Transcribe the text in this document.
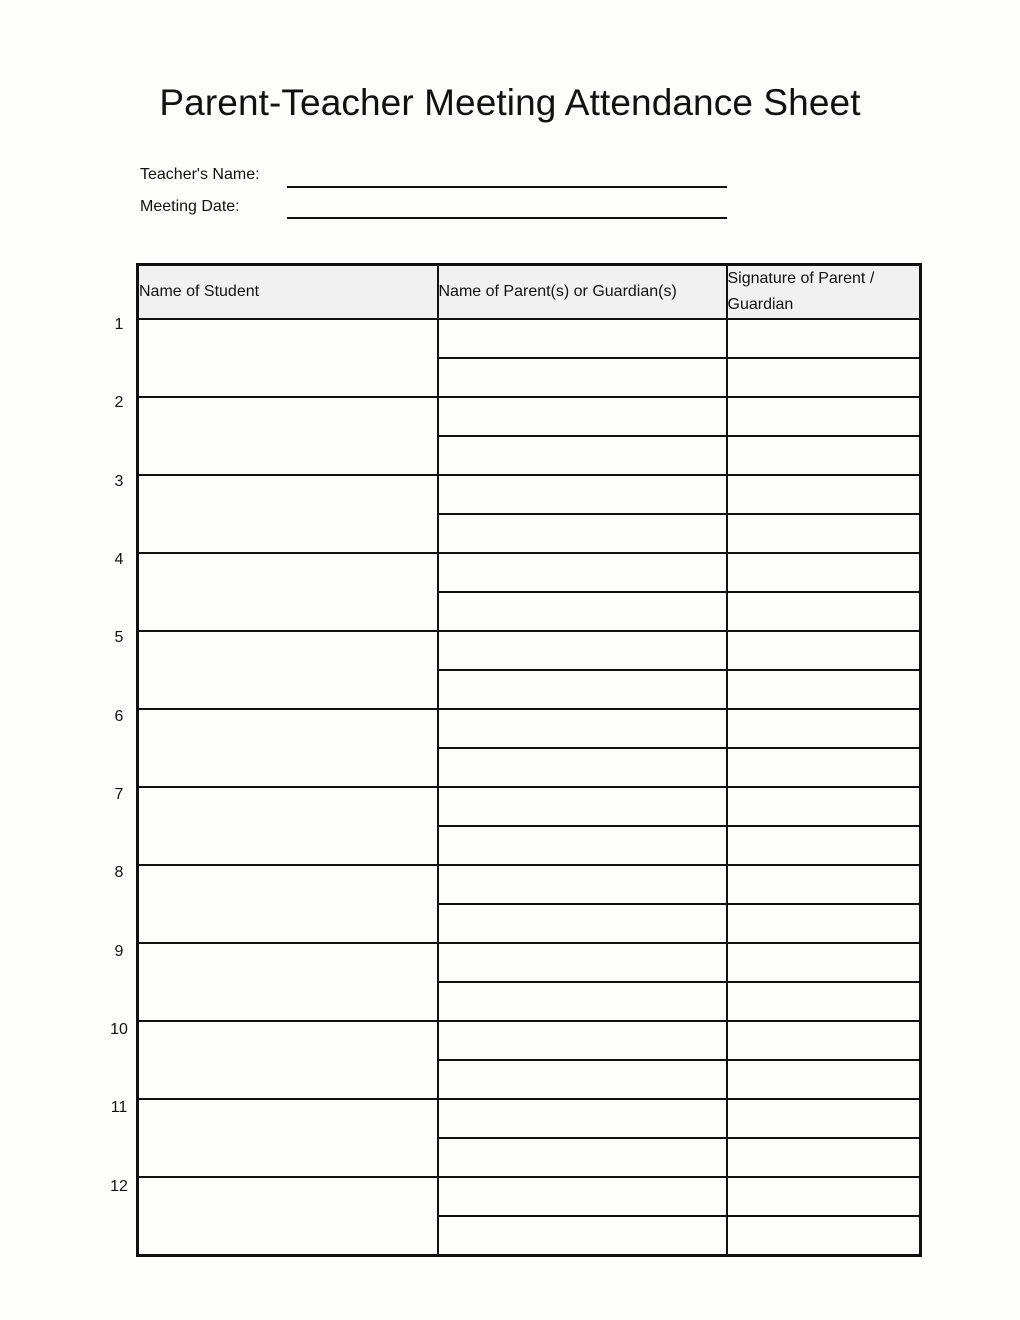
Parent-Teacher Meeting Attendance Sheet
Teacher's Name:
Meeting Date:
1
2
3
4
5
6
7
8
9
10
11
12
Name of Student	Name of Parent(s) or Guardian(s)	Signature of Parent / Guardian
